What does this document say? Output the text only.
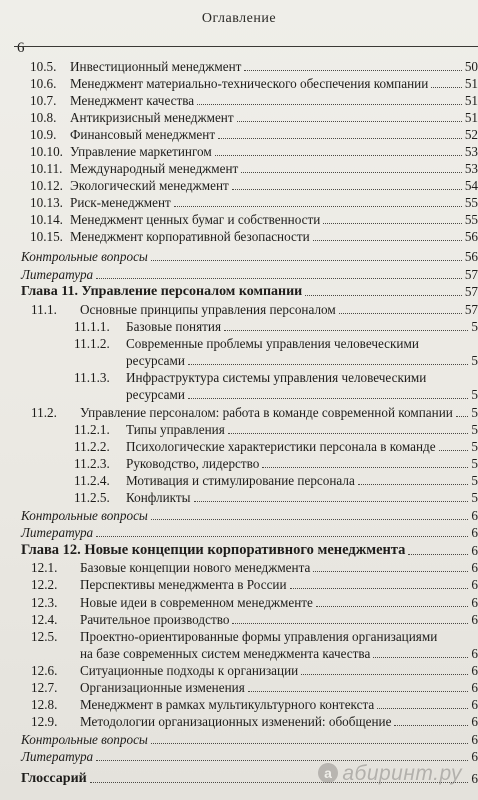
Оглавление
6
10.5. Инвестиционный менеджмент	50
10.6. Менеджмент материально-технического обеспечения компании	51
10.7. Менеджмент качества	51
10.8. Антикризисный менеджмент	51
10.9. Финансовый менеджмент	52
10.10. Управление маркетингом	53
10.11. Международный менеджмент	53
10.12. Экологический менеджмент	54
10.13. Риск-менеджмент	55
10.14. Менеджмент ценных бумаг и собственности	55
10.15. Менеджмент корпоративной безопасности	56
Контрольные вопросы	56
Литература	57
Глава 11. Управление персоналом компании	57
11.1. Основные принципы управления персоналом	57
11.1.1. Базовые понятия	5
11.1.2. Современные проблемы управления человеческими
ресурсами	5
11.1.3. Инфраструктура системы управления человеческими
ресурсами	5
11.2. Управление персоналом: работа в команде современной компании 5
11.2.1. Типы управления	5
11.2.2. Психологические характеристики персонала в команде	5
11.2.3. Руководство, лидерство	5
11.2.4. Мотивация и стимулирование персонала	5
11.2.5. Конфликты	5
Контрольные вопросы	6
Литература	6
Глава 12. Новые концепции корпоративного менеджмента	6
12.1. Базовые концепции нового менеджмента	6
12.2. Перспективы менеджмента в России	6
12.3. Новые идеи в современном менеджменте	6
12.4. Рачительное производство	6
12.5. Проектно-ориентированные формы управления организациями
на базе современных систем менеджмента качества	6
12.6. Ситуационные подходы к организации	6
12.7. Организационные изменения	6
12.8. Менеджмент в рамках мультикультурного контекста	6
12.9. Методологии организационных изменений: обобщение	6
Контрольные вопросы	6
Литература	6
Глоссарий	6
a абиринт.ру
